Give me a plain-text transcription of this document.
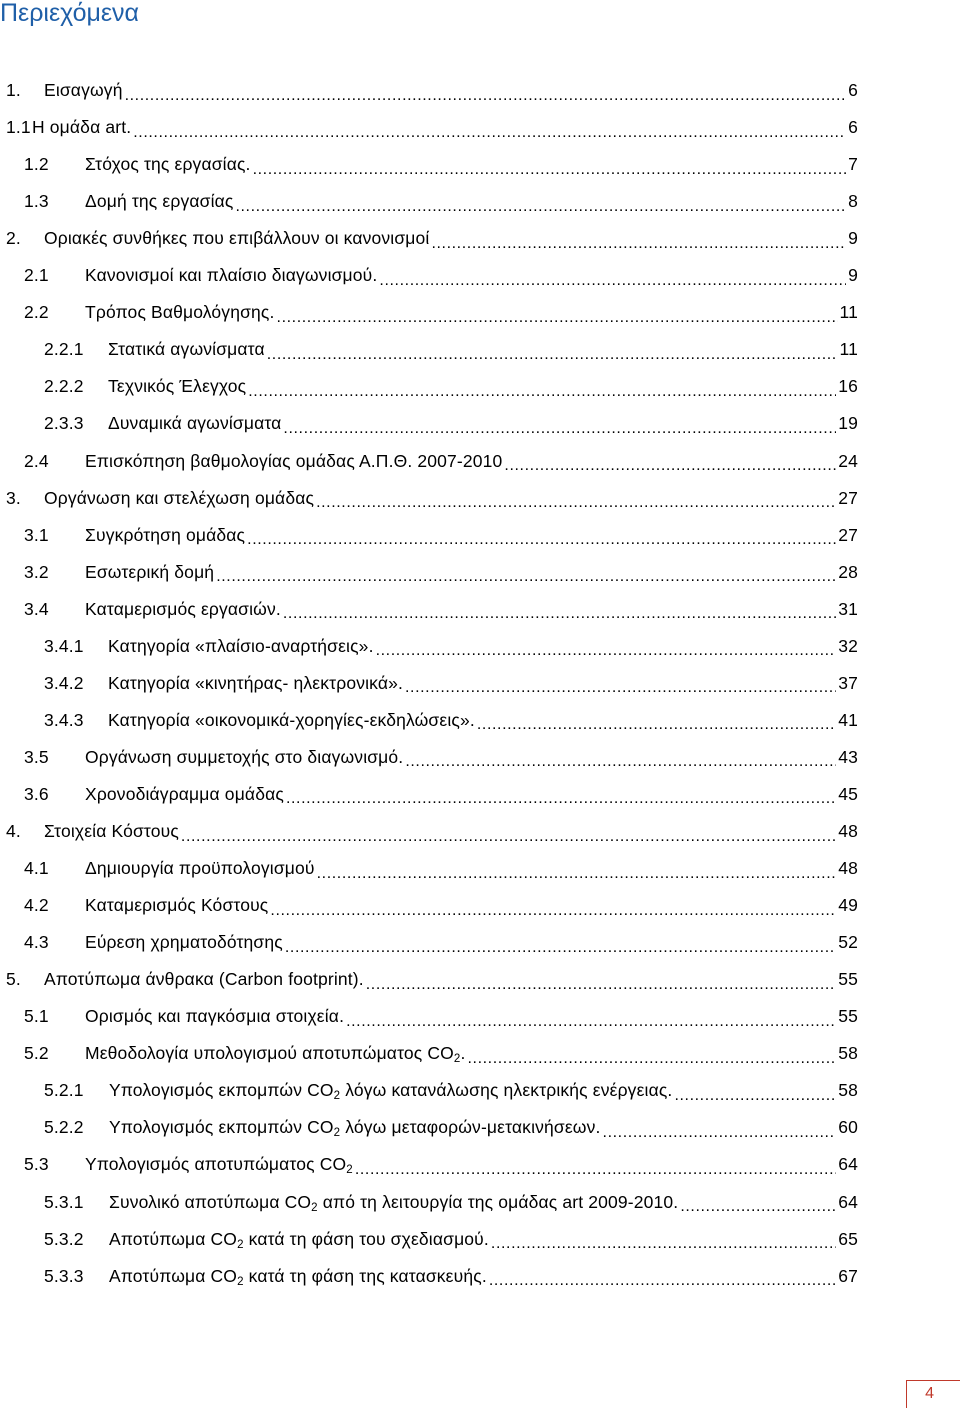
Περιεχόμενα
1.	Εισαγωγή .....	6
1.1 Η ομάδα art. .....	6
1.2	Στόχος της εργασίας. .....	7
1.3	Δομή της εργασίας .....	8
2.	Οριακές συνθήκες που επιβάλλουν οι κανονισμοί .....	9
2.1	Κανονισμοί και πλαίσιο διαγωνισμού. .....	9
2.2	Τρόπος Βαθμολόγησης. .....	11
2.2.1	Στατικά αγωνίσματα .....	11
2.2.2	Τεχνικός Έλεγχος .....	16
2.3.3	Δυναμικά αγωνίσματα .....	19
2.4	Επισκόπηση βαθμολογίας ομάδας Α.Π.Θ. 2007-2010 .....	24
3.	Οργάνωση και στελέχωση ομάδας .....	27
3.1	Συγκρότηση ομάδας .....	27
3.2	Εσωτερική δομή .....	28
3.4	Καταμερισμός εργασιών. .....	31
3.4.1	Κατηγορία «πλαίσιο-αναρτήσεις». .....	32
3.4.2	Κατηγορία «κινητήρας- ηλεκτρονικά». .....	37
3.4.3	Κατηγορία «οικονομικά-χορηγίες-εκδηλώσεις». .....	41
3.5	Οργάνωση συμμετοχής στο διαγωνισμό. .....	43
3.6	Χρονοδιάγραμμα ομάδας .....	45
4.	Στοιχεία Κόστους .....	48
4.1	Δημιουργία προϋπολογισμού .....	48
4.2	Καταμερισμός Κόστους .....	49
4.3	Εύρεση χρηματοδότησης .....	52
5.	Αποτύπωμα άνθρακα (Carbon footprint). .....	55
5.1	Ορισμός και παγκόσμια στοιχεία. .....	55
5.2	Μεθοδολογία υπολογισμού αποτυπώματος $CO_2$. .....	58
5.2.1	Υπολογισμός εκπομπών $CO_2$ λόγω κατανάλωσης ηλεκτρικής ενέργειας. .....	58
5.2.2	Υπολογισμός εκπομπών $CO_2$ λόγω μεταφορών-μετακινήσεων. .....	60
5.3	Υπολογισμός αποτυπώματος $CO_2$ .....	64
5.3.1	Συνολικό αποτύπωμα $CO_2$ από τη λειτουργία της ομάδας art 2009-2010. .....	64
5.3.2	Αποτύπωμα $CO_2$ κατά τη φάση του σχεδιασμού. .....	65
5.3.3	Αποτύπωμα $CO_2$ κατά τη φάση της κατασκευής. .....	67
4
